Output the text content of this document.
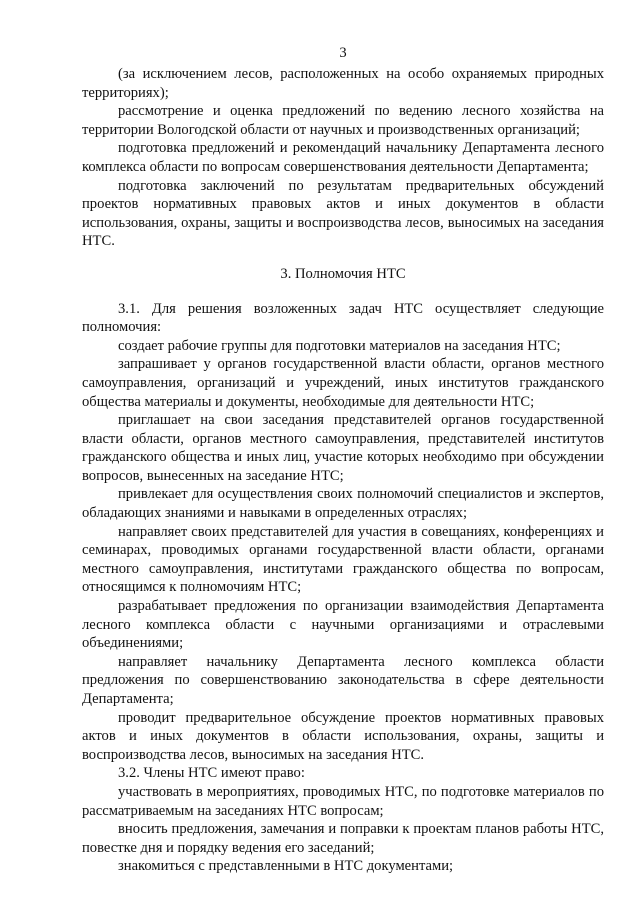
3

(за исключением лесов, расположенных на особо охраняемых природных территориях);

рассмотрение и оценка предложений по ведению лесного хозяйства на территории Вологодской области от научных и производственных организаций;

подготовка предложений и рекомендаций начальнику Департамента лесного комплекса области по вопросам совершенствования деятельности Департамента;

подготовка заключений по результатам предварительных обсуждений проектов нормативных правовых актов и иных документов в области использования, охраны, защиты и воспроизводства лесов, выносимых на заседания НТС.

3. Полномочия НТС

3.1. Для решения возложенных задач НТС осуществляет следующие полномочия:

создает рабочие группы для подготовки материалов на заседания НТС;

запрашивает у органов государственной власти области, органов местного самоуправления, организаций и учреждений, иных институтов гражданского общества материалы и документы, необходимые для деятельности НТС;

приглашает на свои заседания представителей органов государственной власти области, органов местного самоуправления, представителей институтов гражданского общества и иных лиц, участие которых необходимо при обсуждении вопросов, вынесенных на заседание НТС;

привлекает для осуществления своих полномочий специалистов и экспертов, обладающих знаниями и навыками в определенных отраслях;

направляет своих представителей для участия в совещаниях, конференциях и семинарах, проводимых органами государственной власти области, органами местного самоуправления, институтами гражданского общества по вопросам, относящимся к полномочиям НТС;

разрабатывает предложения по организации взаимодействия Департамента лесного комплекса области с научными организациями и отраслевыми объединениями;

направляет начальнику Департамента лесного комплекса области предложения по совершенствованию законодательства в сфере деятельности Департамента;

проводит предварительное обсуждение проектов нормативных правовых актов и иных документов в области использования, охраны, защиты и воспроизводства лесов, выносимых на заседания НТС.

3.2. Члены НТС имеют право:

участвовать в мероприятиях, проводимых НТС, по подготовке материалов по рассматриваемым на заседаниях НТС вопросам;

вносить предложения, замечания и поправки к проектам планов работы НТС, повестке дня и порядку ведения его заседаний;

знакомиться с представленными в НТС документами;
